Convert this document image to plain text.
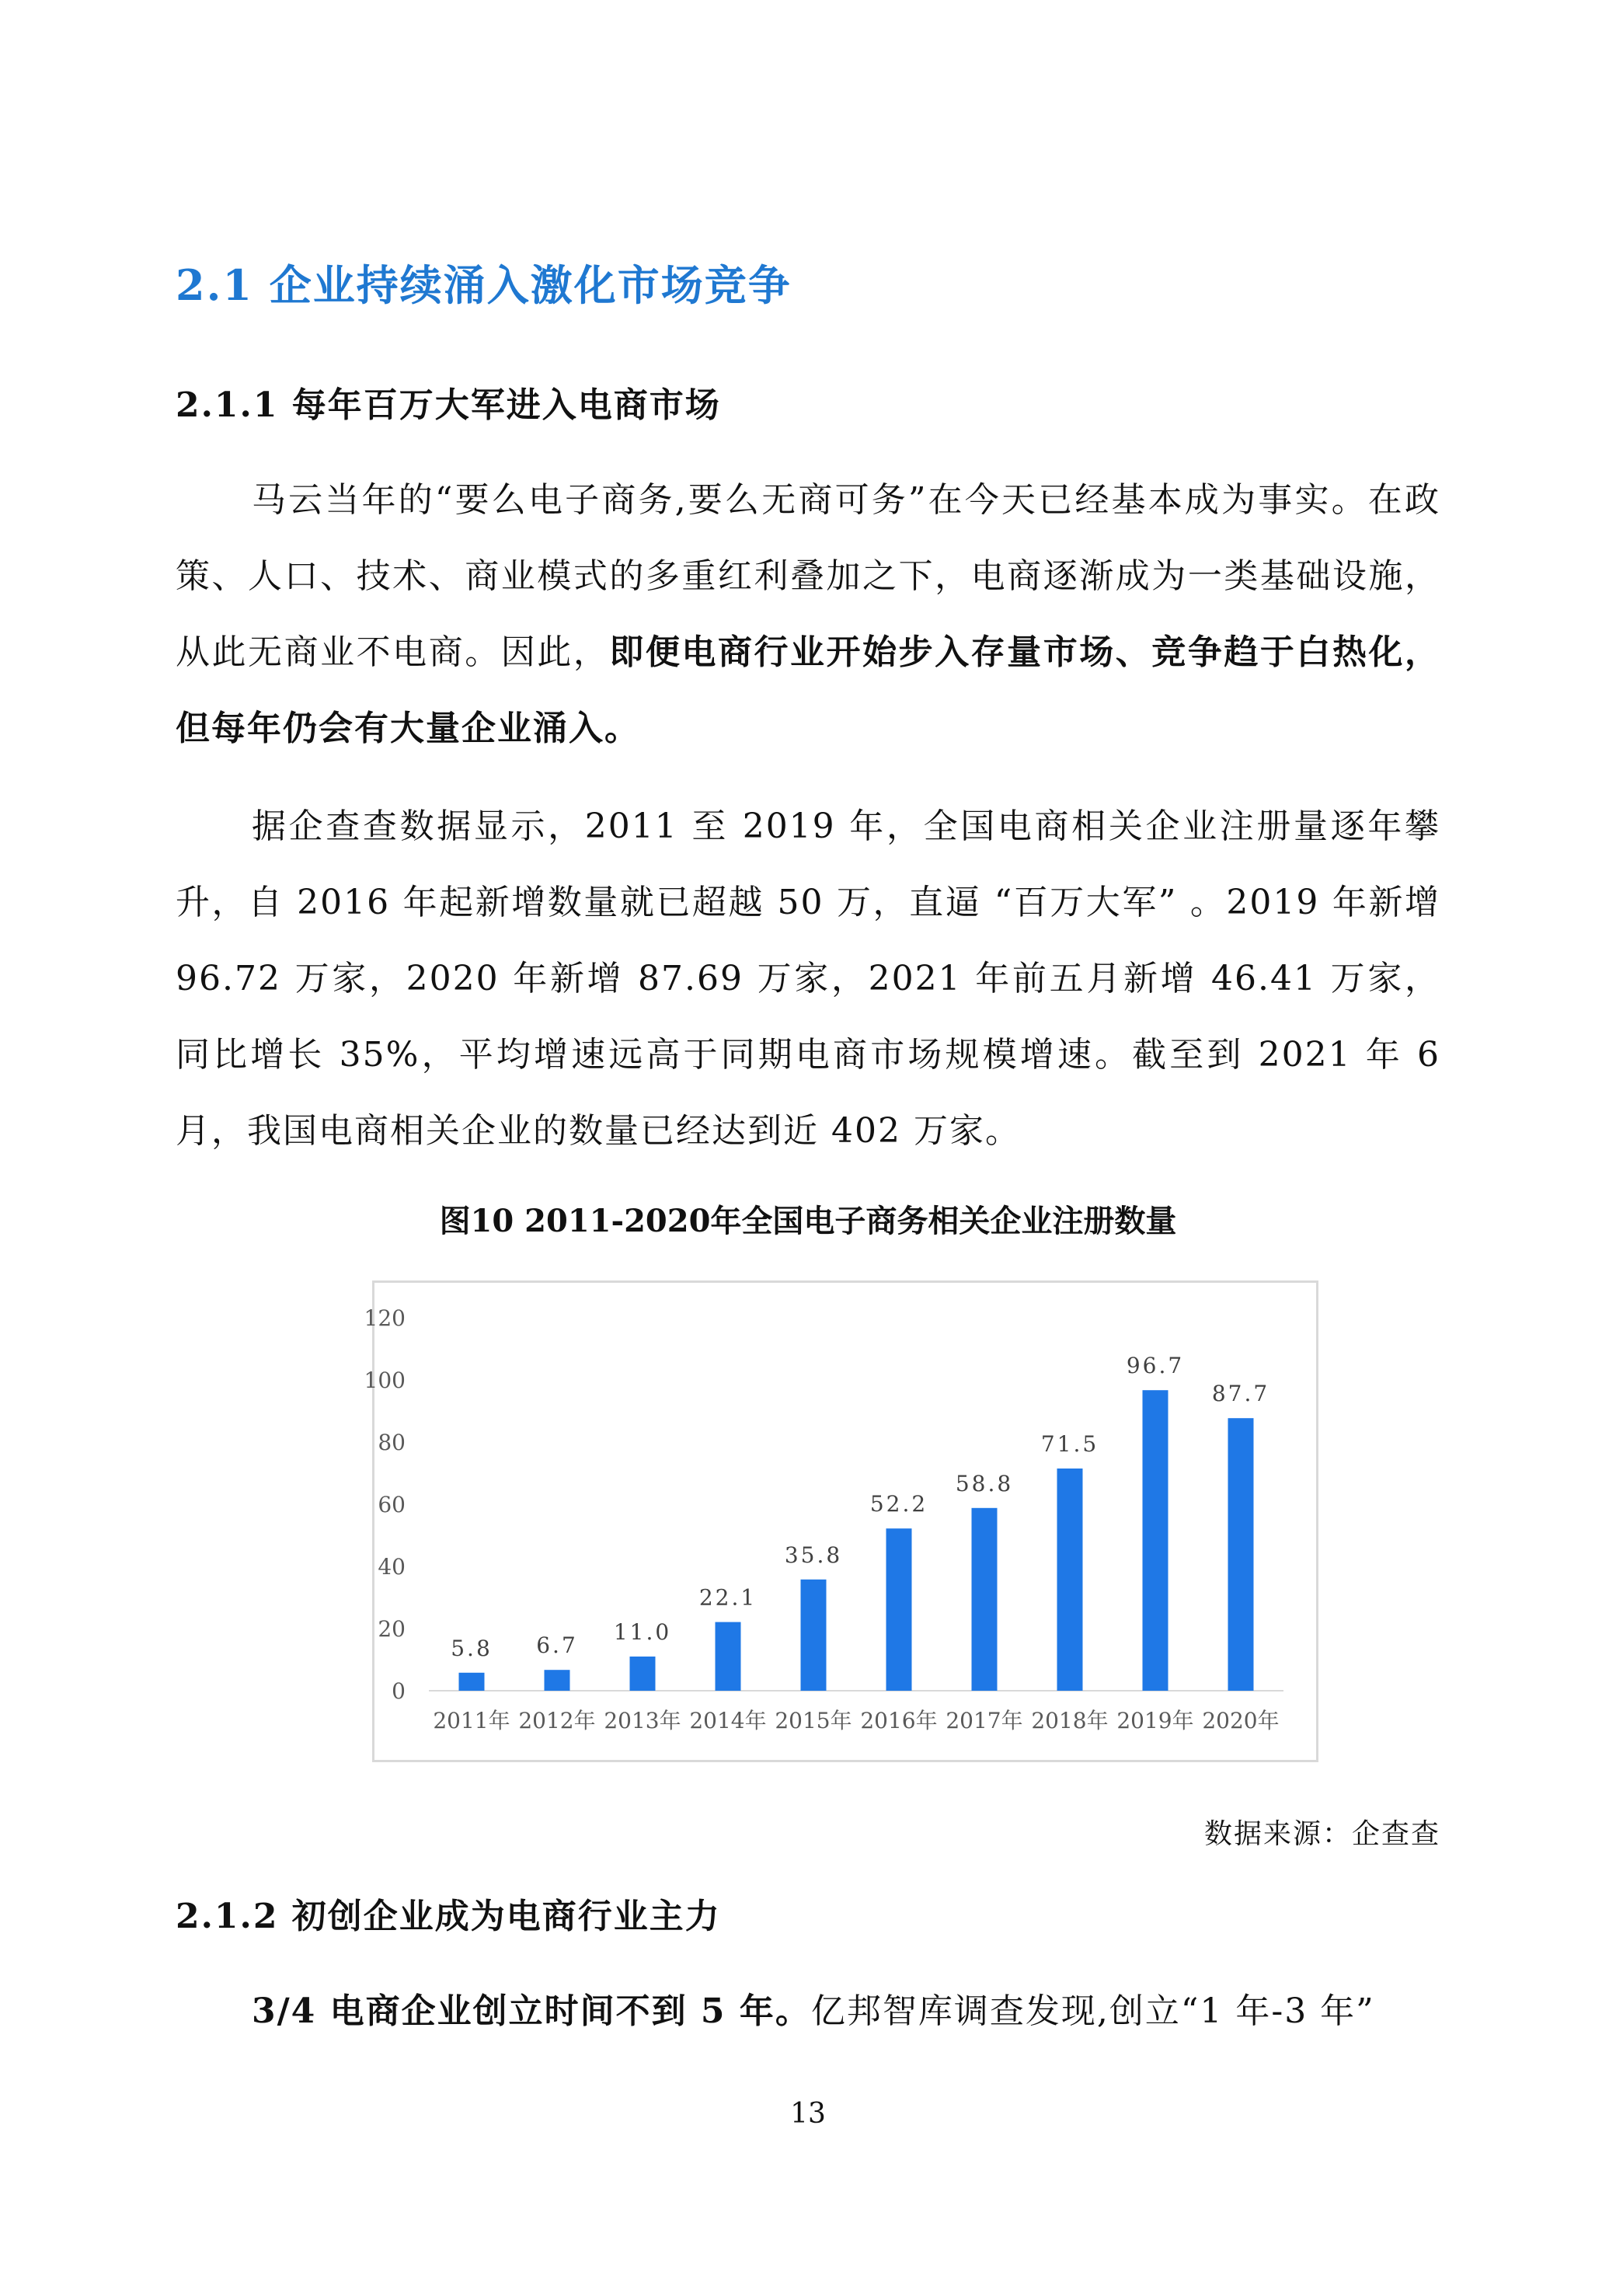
2.1 企业持续涌入激化市场竞争
2.1.1 每年百万大军进入电商市场
马云当年的“要么电子商务,要么无商可务”在今天已经基本成为事实。在政策、人口、技术、商业模式的多重红利叠加之下，电商逐渐成为一类基础设施，从此无商业不电商。因此，即便电商行业开始步入存量市场、竞争趋于白热化，但每年仍会有大量企业涌入。
据企查查数据显示，2011 至 2019 年，全国电商相关企业注册量逐年攀升，自 2016 年起新增数量就已超越 50 万，直逼 “百万大军” 。2019 年新增 96.72 万家，2020 年新增 87.69 万家，2021 年前五月新增 46.41 万家，同比增长 35%，平均增速远高于同期电商市场规模增速。截至到 2021 年 6 月，我国电商相关企业的数量已经达到近 402 万家。
图10 2011-2020年全国电子商务相关企业注册数量
0
20
40
60
80
100
120
5.8
2011年
6.7
2012年
11.0
2013年
22.1
2014年
35.8
2015年
52.2
2016年
58.8
2017年
71.5
2018年
96.7
2019年
87.7
2020年
数据来源：企查查
2.1.2 初创企业成为电商行业主力
3/4 电商企业创立时间不到 5 年。亿邦智库调查发现,创立“1 年-3 年”
13
